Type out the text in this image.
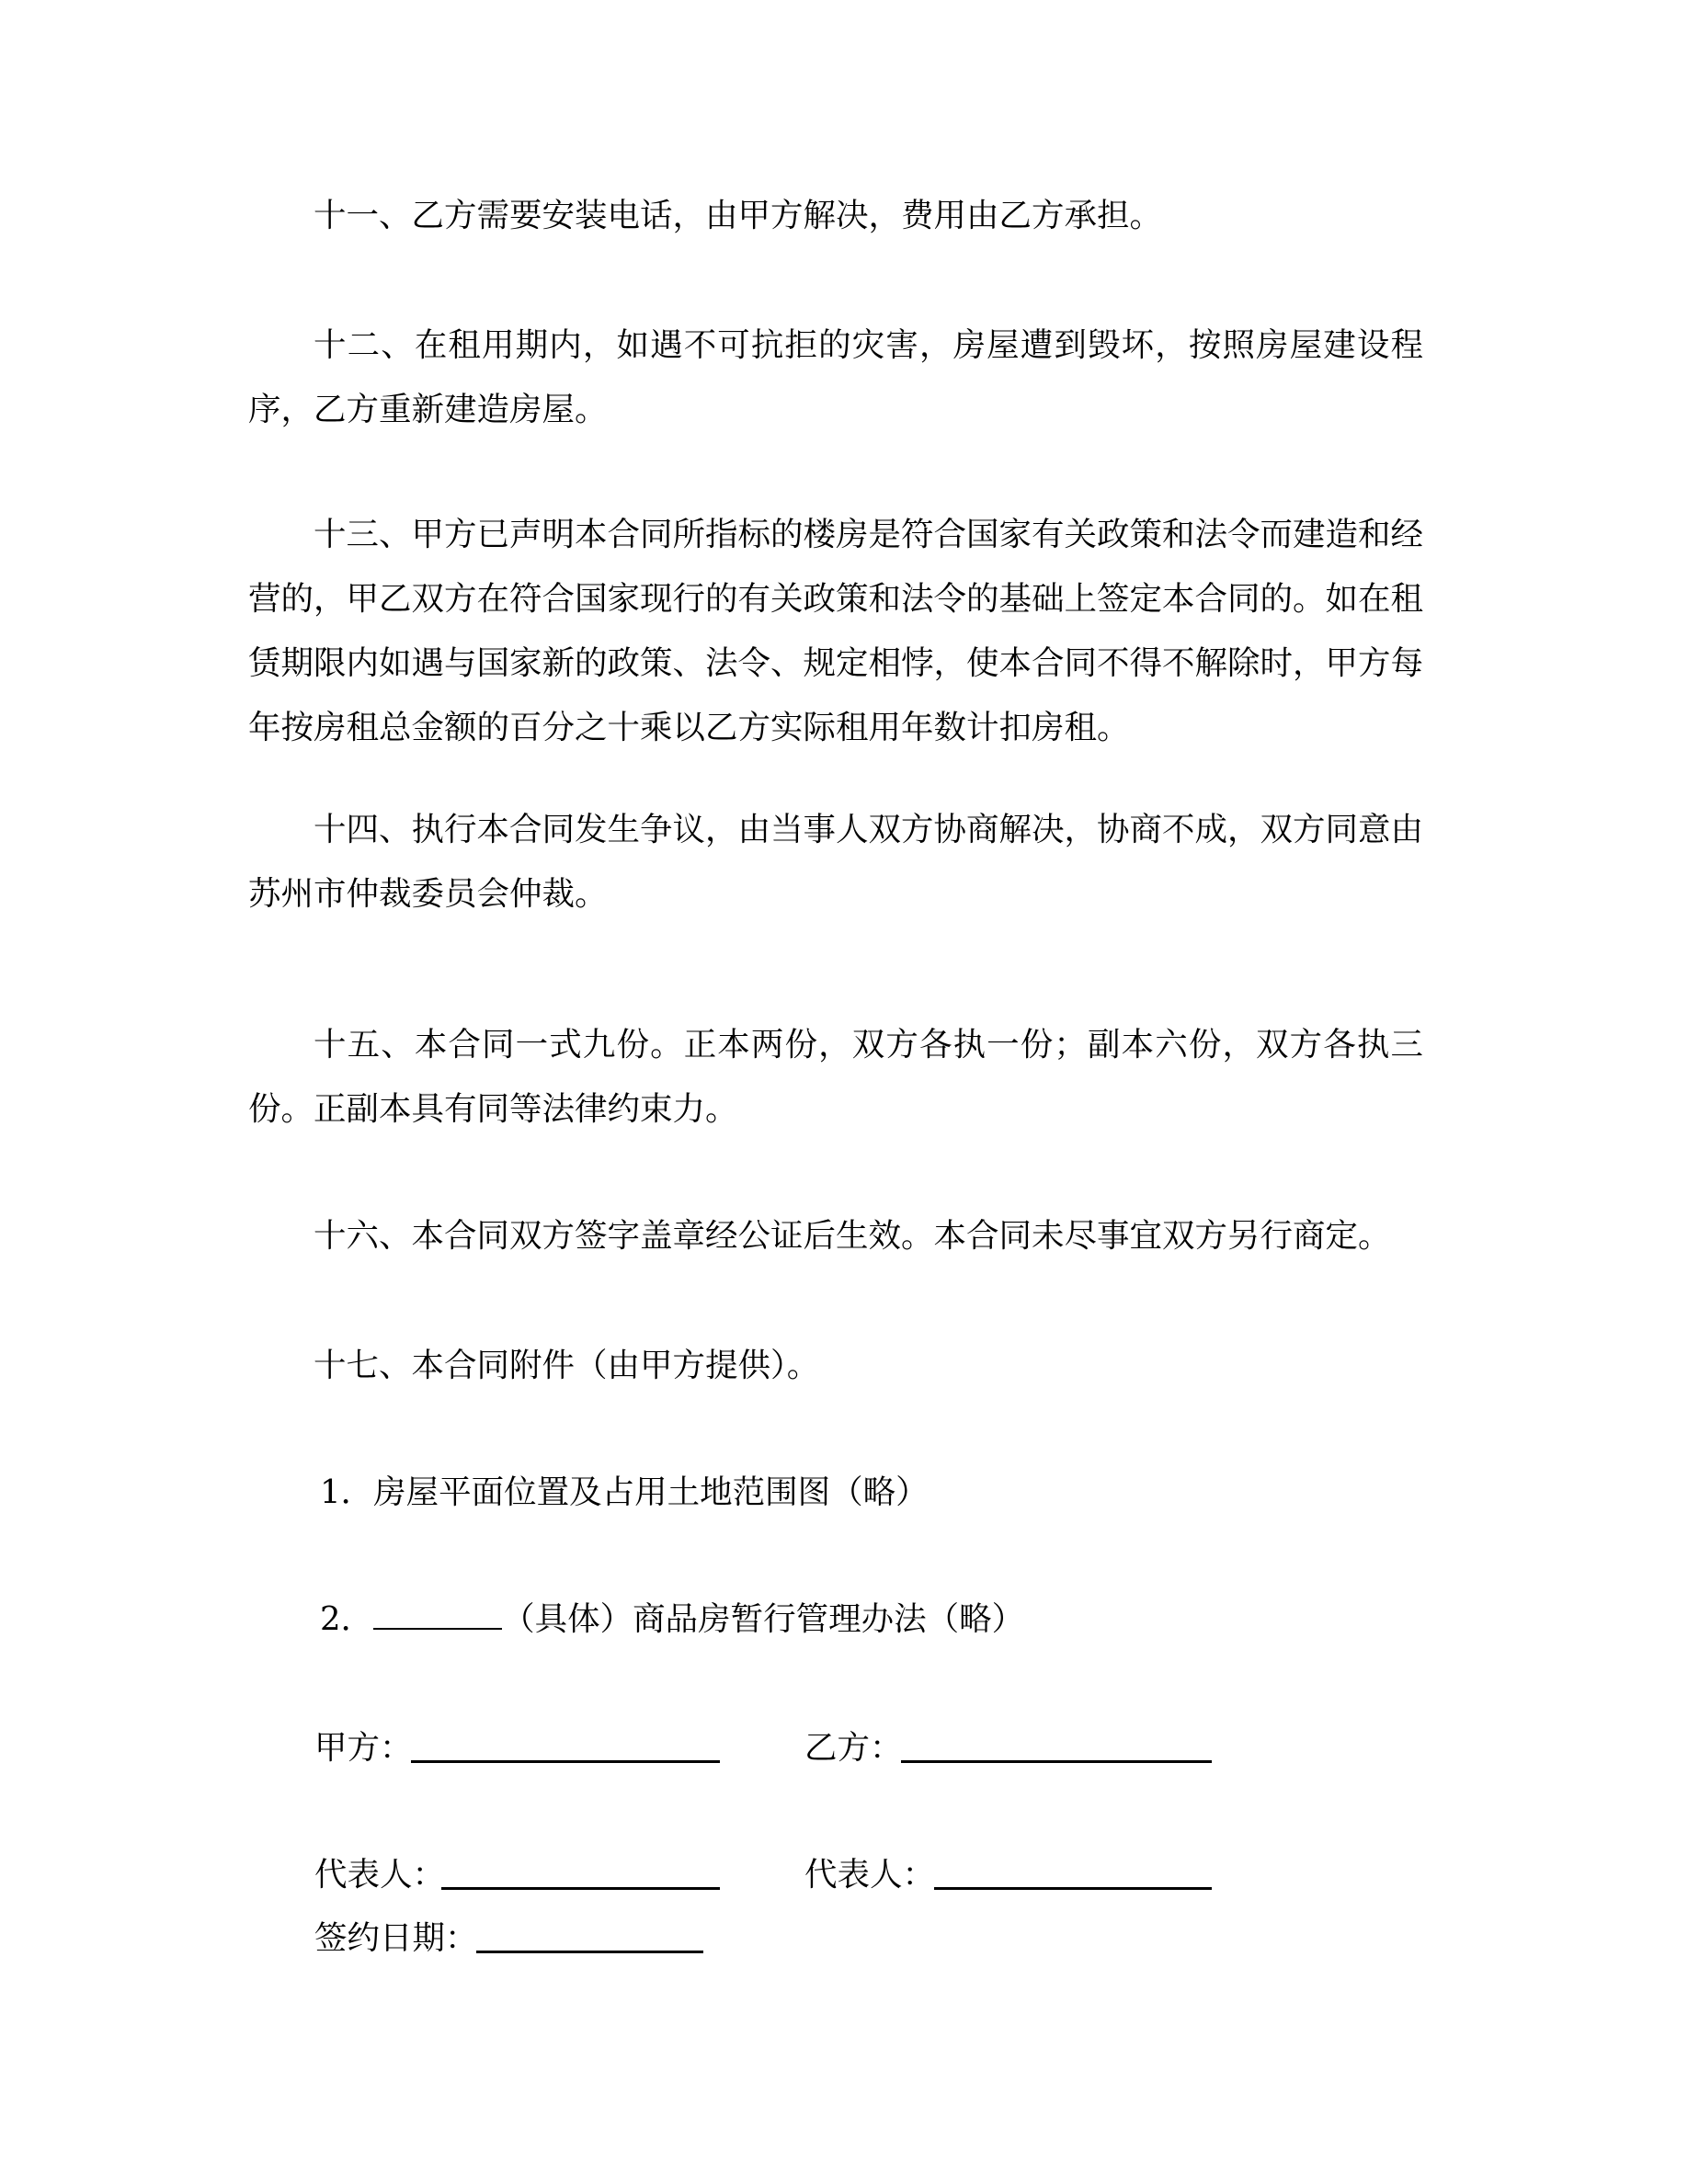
十一、乙方需要安装电话，由甲方解决，费用由乙方承担。
十二、在租用期内，如遇不可抗拒的灾害，房屋遭到毁坏，按照房屋建设程序，乙方重新建造房屋。
十三、甲方已声明本合同所指标的楼房是符合国家有关政策和法令而建造和经营的，甲乙双方在符合国家现行的有关政策和法令的基础上签定本合同的。如在租赁期限内如遇与国家新的政策、法令、规定相悖，使本合同不得不解除时，甲方每年按房租总金额的百分之十乘以乙方实际租用年数计扣房租。
十四、执行本合同发生争议，由当事人双方协商解决，协商不成，双方同意由苏州市仲裁委员会仲裁。
十五、本合同一式九份。正本两份，双方各执一份；副本六份，双方各执三份。正副本具有同等法律约束力。
十六、本合同双方签字盖章经公证后生效。本合同未尽事宜双方另行商定。
十七、本合同附件（由甲方提供）。
1．房屋平面位置及占用土地范围图（略）
2．	（具体）商品房暂行管理办法（略）
甲方：	乙方：
代表人：	代表人：
签约日期：
